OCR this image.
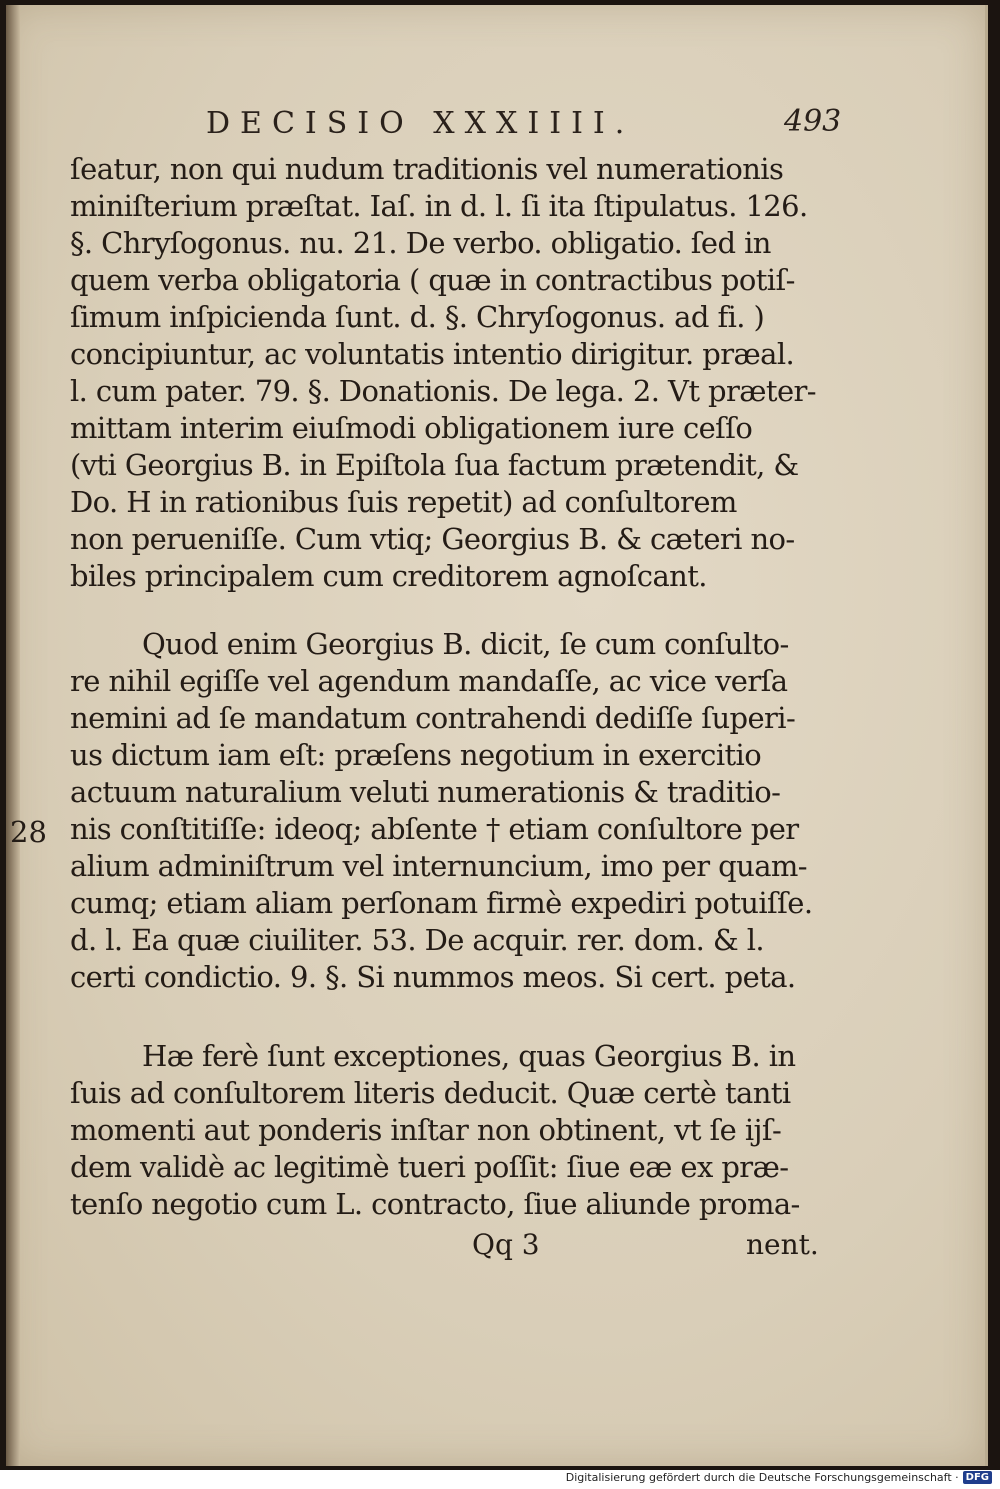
DECISIO XXXIIII.	493
ſeatur, non qui nudum traditionis vel numerationis
miniſterium præſtat. Iaſ. in d. l. ſi ita ſtipulatus. 126.
§. Chryſogonus. nu. 21. De verbo. obligatio. ſed in
quem verba obligatoria ( quæ in contractibus potiſ-
ſimum inſpicienda ſunt. d. §. Chryſogonus. ad fi. )
concipiuntur, ac voluntatis intentio dirigitur. præal.
l. cum pater. 79. §. Donationis. De lega. 2. Vt præter-
mittam interim eiuſmodi obligationem iure ceſſo
(vti Georgius B. in Epiſtola ſua factum prætendit, &
Do. H in rationibus ſuis repetit) ad conſultorem
non perueniſſe. Cum vtiq; Georgius B. & cæteri no-
biles principalem cum creditorem agnoſcant.
Quod enim Georgius B. dicit, ſe cum conſulto-
re nihil egiſſe vel agendum mandaſſe, ac vice verſa
nemini ad ſe mandatum contrahendi dediſſe ſuperi-
us dictum iam eſt: præſens negotium in exercitio
actuum naturalium veluti numerationis & traditio-
nis conſtitiſſe: ideoq; abſente † etiam conſultore per
alium adminiſtrum vel internuncium, imo per quam-
cumq; etiam aliam perſonam firmè expediri potuiſſe.
d. l. Ea quæ ciuiliter. 53. De acquir. rer. dom. & l.
certi condictio. 9. §. Si nummos meos. Si cert. peta.
28
Hæ ferè ſunt exceptiones, quas Georgius B. in
ſuis ad conſultorem literis deducit. Quæ certè tanti
momenti aut ponderis inſtar non obtinent, vt ſe ijſ-
dem validè ac legitimè tueri poſſit: ſiue eæ ex præ-
tenſo negotio cum L. contracto, ſiue aliunde proma-
Qq 3	nent.
Digitalisierung gefördert durch die Deutsche Forschungsgemeinschaft · DFG
